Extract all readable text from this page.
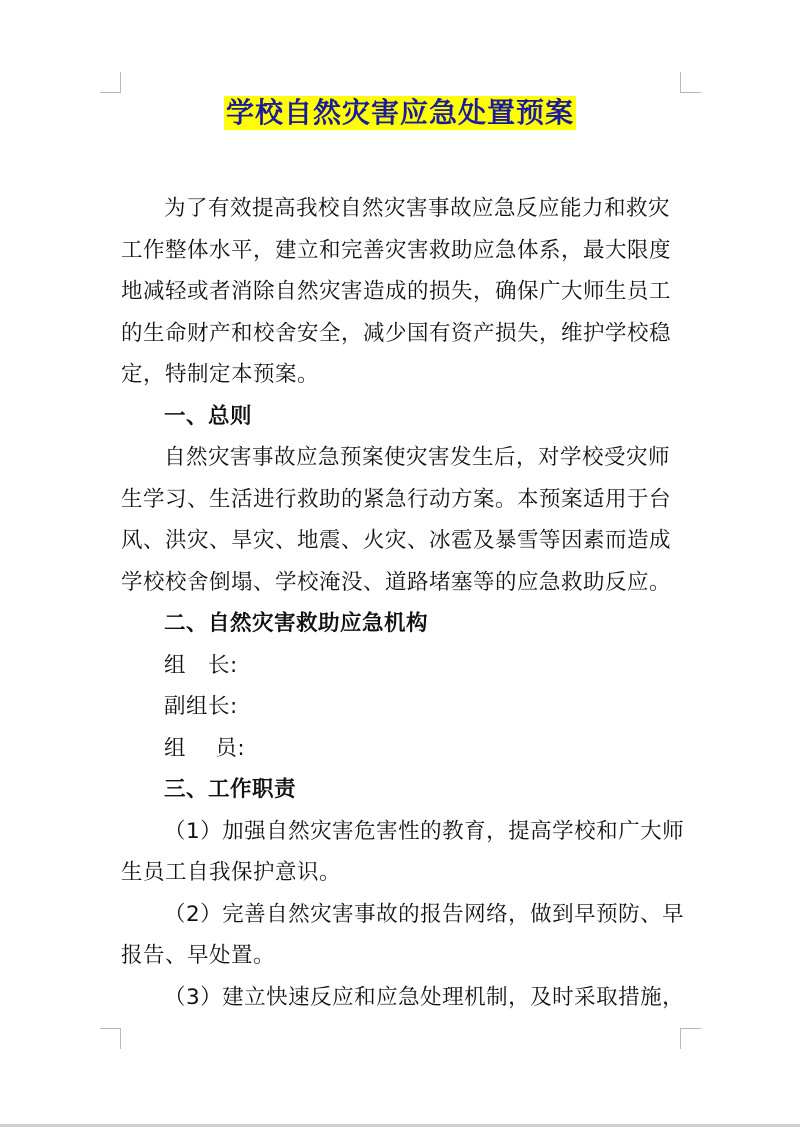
学校自然灾害应急处置预案
为了有效提高我校自然灾害事故应急反应能力和救灾
工作整体水平，建立和完善灾害救助应急体系，最大限度
地减轻或者消除自然灾害造成的损失，确保广大师生员工
的生命财产和校舍安全，减少国有资产损失，维护学校稳
定，特制定本预案。
一、总则
自然灾害事故应急预案使灾害发生后，对学校受灾师
生学习、生活进行救助的紧急行动方案。本预案适用于台
风、洪灾、旱灾、地震、火灾、冰雹及暴雪等因素而造成
学校校舍倒塌、学校淹没、道路堵塞等的应急救助反应。
二、自然灾害救助应急机构
组　长:
副组长:
组　 员:
三、工作职责
（1）加强自然灾害危害性的教育，提高学校和广大师
生员工自我保护意识。
（2）完善自然灾害事故的报告网络，做到早预防、早
报告、早处置。
（3）建立快速反应和应急处理机制，及时采取措施，
